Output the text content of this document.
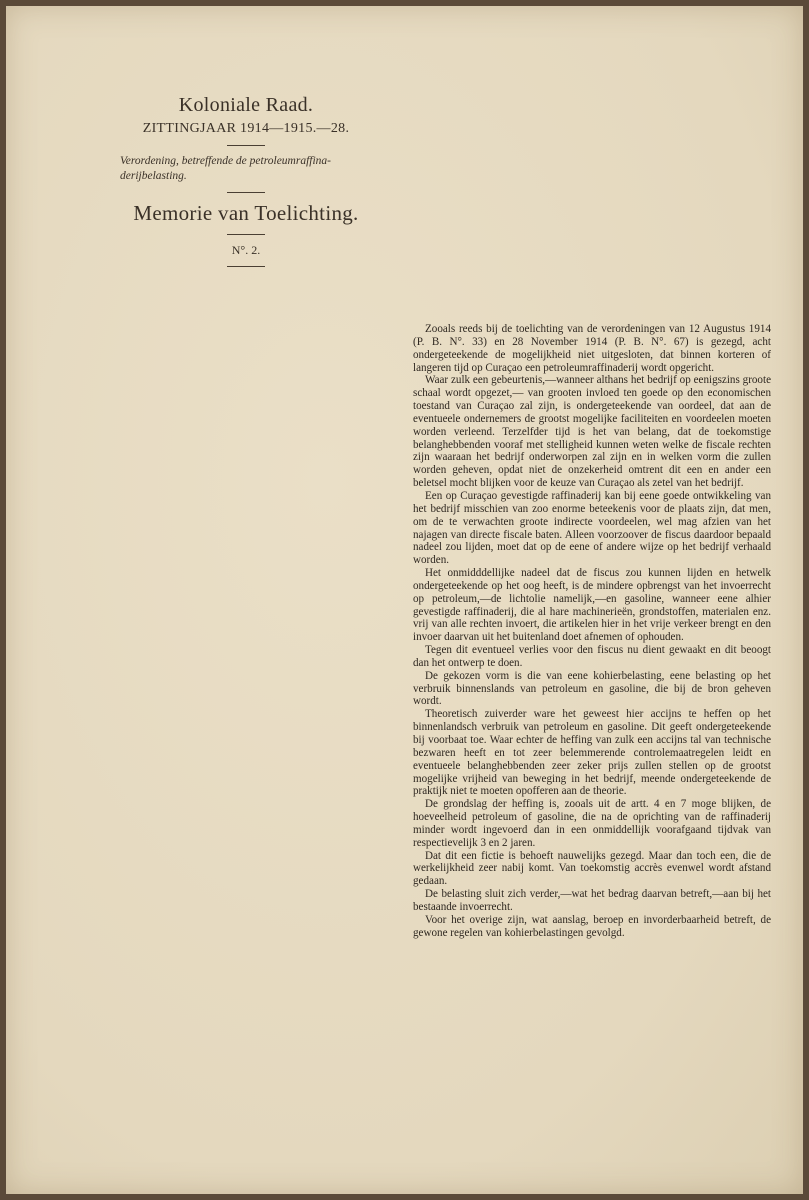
Koloniale Raad.
ZITTINGJAAR 1914—1915.—28.
Verordening, betreffende de petroleumraffina-derijbelasting.
Memorie van Toelichting.
N°. 2.

Zooals reeds bij de toelichting van de verordeningen van 12 Augustus 1914 (P. B. N°. 33) en 28 November 1914 (P. B. N°. 67) is gezegd, acht ondergeteekende de mogelijkheid niet uitgesloten, dat binnen korteren of langeren tijd op Curaçao een petroleumraffinaderij wordt opgericht.

Waar zulk een gebeurtenis,—wanneer althans het bedrijf op eenigszins groote schaal wordt opgezet,— van grooten invloed ten goede op den economischen toestand van Curaçao zal zijn, is ondergeteekende van oordeel, dat aan de eventueele ondernemers de grootst mogelijke faciliteiten en voordeelen moeten worden verleend. Terzelfder tijd is het van belang, dat de toekomstige belanghebbenden vooraf met stelligheid kunnen weten welke de fiscale rechten zijn waaraan het bedrijf onderworpen zal zijn en in welken vorm die zullen worden geheven, opdat niet de onzekerheid omtrent dit een en ander een beletsel mocht blijken voor de keuze van Curaçao als zetel van het bedrijf.

Een op Curaçao gevestigde raffinaderij kan bij eene goede ontwikkeling van het bedrijf misschien van zoo enorme beteekenis voor de plaats zijn, dat men, om de te verwachten groote indirecte voordeelen, wel mag afzien van het najagen van directe fiscale baten. Alleen voorzoover de fiscus daardoor bepaald nadeel zou lijden, moet dat op de eene of andere wijze op het bedrijf verhaald worden.

Het onmidddellijke nadeel dat de fiscus zou kunnen lijden en hetwelk ondergeteekende op het oog heeft, is de mindere opbrengst van het invoerrecht op petroleum,—de lichtolie namelijk,—en gasoline, wanneer eene alhier gevestigde raffinaderij, die al hare machinerieën, grondstoffen, materialen enz. vrij van alle rechten invoert, die artikelen hier in het vrije verkeer brengt en den invoer daarvan uit het buitenland doet afnemen of ophouden.

Tegen dit eventueel verlies voor den fiscus nu dient gewaakt en dit beoogt dan het ontwerp te doen.

De gekozen vorm is die van eene kohierbelasting, eene belasting op het verbruik binnenslands van petroleum en gasoline, die bij de bron geheven wordt.

Theoretisch zuiverder ware het geweest hier accijns te heffen op het binnenlandsch verbruik van petroleum en gasoline. Dit geeft ondergeteekende bij voorbaat toe. Waar echter de heffing van zulk een accijns tal van technische bezwaren heeft en tot zeer belemmerende controlemaatregelen leidt en eventueele belanghebbenden zeer zeker prijs zullen stellen op de grootst mogelijke vrijheid van beweging in het bedrijf, meende ondergeteekende de praktijk niet te moeten opofferen aan de theorie.

De grondslag der heffing is, zooals uit de artt. 4 en 7 moge blijken, de hoeveelheid petroleum of gasoline, die na de oprichting van de raffinaderij minder wordt ingevoerd dan in een onmiddellijk voorafgaand tijdvak van respectievelijk 3 en 2 jaren.

Dat dit een fictie is behoeft nauwelijks gezegd. Maar dan toch een, die de werkelijkheid zeer nabij komt. Van toekomstig accrès evenwel wordt afstand gedaan.

De belasting sluit zich verder,—wat het bedrag daarvan betreft,—aan bij het bestaande invoerrecht.

Voor het overige zijn, wat aanslag, beroep en invorderbaarheid betreft, de gewone regelen van kohierbelastingen gevolgd.
